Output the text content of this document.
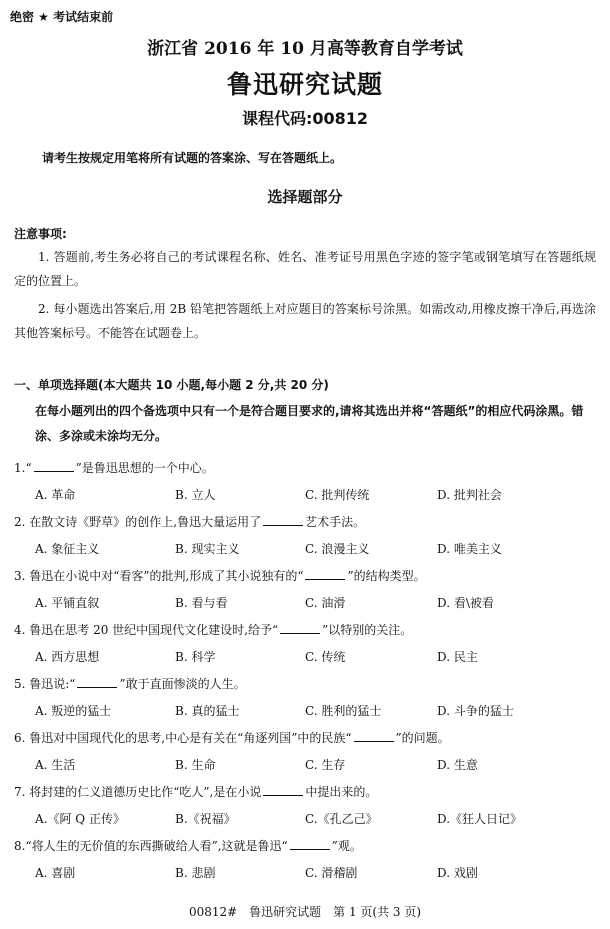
绝密 ★ 考试结束前
浙江省 2016 年 10 月高等教育自学考试
鲁迅研究试题
课程代码:00812
请考生按规定用笔将所有试题的答案涂、写在答题纸上。
选择题部分
注意事项:
1. 答题前,考生务必将自己的考试课程名称、姓名、准考证号用黑色字迹的签字笔或钢笔填写在答题纸规定的位置上。
2. 每小题选出答案后,用 2B 铅笔把答题纸上对应题目的答案标号涂黑。如需改动,用橡皮擦干净后,再选涂其他答案标号。不能答在试题卷上。
一、单项选择题(本大题共 10 小题,每小题 2 分,共 20 分)
在每小题列出的四个备选项中只有一个是符合题目要求的,请将其选出并将“答题纸”的相应代码涂黑。错涂、多涂或未涂均无分。
1.“	”是鲁迅思想的一个中心。
A. 革命	B. 立人	C. 批判传统	D. 批判社会
2. 在散文诗《野草》的创作上,鲁迅大量运用了	艺术手法。
A. 象征主义	B. 现实主义	C. 浪漫主义	D. 唯美主义
3. 鲁迅在小说中对“看客”的批判,形成了其小说独有的“	”的结构类型。
A. 平铺直叙	B. 看与看	C. 油滑	D. 看\被看
4. 鲁迅在思考 20 世纪中国现代文化建设时,给予“	”以特别的关注。
A. 西方思想	B. 科学	C. 传统	D. 民主
5. 鲁迅说:“	”敢于直面惨淡的人生。
A. 叛逆的猛士	B. 真的猛士	C. 胜利的猛士	D. 斗争的猛士
6. 鲁迅对中国现代化的思考,中心是有关在“角逐列国”中的民族“	”的问题。
A. 生活	B. 生命	C. 生存	D. 生意
7. 将封建的仁义道德历史比作“吃人”,是在小说	中提出来的。
A.《阿 Q 正传》	B.《祝福》	C.《孔乙己》	D.《狂人日记》
8.“将人生的无价值的东西撕破给人看”,这就是鲁迅“	”观。
A. 喜剧	B. 悲剧	C. 滑稽剧	D. 戏剧
00812#　鲁迅研究试题　第 1 页(共 3 页)
